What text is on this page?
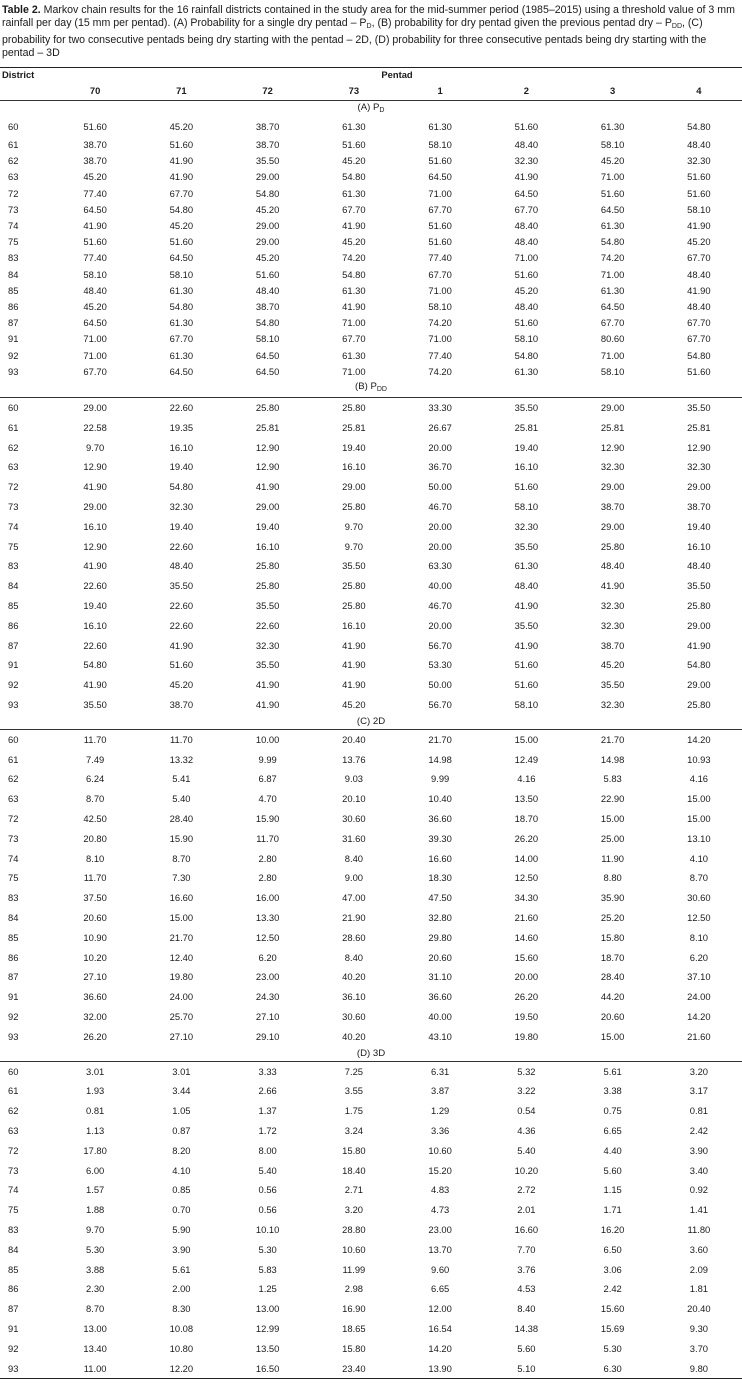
Table 2. Markov chain results for the 16 rainfall districts contained in the study area for the mid-summer period (1985–2015) using a threshold value of 3 mm rainfall per day (15 mm per pentad). (A) Probability for a single dry pentad – $P_D$, (B) probability for dry pentad given the previous pentad dry – $P_{DD}$, (C) probability for two consecutive pentads being dry starting with the pentad – 2D, (D) probability for three consecutive pentads being dry starting with the pentad – 3D
District	Pentad							
	70	71	72	73	1	2	3	4
(A) $P_D$
60	51.60	45.20	38.70	61.30	61.30	51.60	61.30	54.80
61	38.70	51.60	38.70	51.60	58.10	48.40	58.10	48.40
62	38.70	41.90	35.50	45.20	51.60	32.30	45.20	32.30
63	45.20	41.90	29.00	54.80	64.50	41.90	71.00	51.60
72	77.40	67.70	54.80	61.30	71.00	64.50	51.60	51.60
73	64.50	54.80	45.20	67.70	67.70	67.70	64.50	58.10
74	41.90	45.20	29.00	41.90	51.60	48.40	61.30	41.90
75	51.60	51.60	29.00	45.20	51.60	48.40	54.80	45.20
83	77.40	64.50	45.20	74.20	77.40	71.00	74.20	67.70
84	58.10	58.10	51.60	54.80	67.70	51.60	71.00	48.40
85	48.40	61.30	48.40	61.30	71.00	45.20	61.30	41.90
86	45.20	54.80	38.70	41.90	58.10	48.40	64.50	48.40
87	64.50	61.30	54.80	71.00	74.20	51.60	67.70	67.70
91	71.00	67.70	58.10	67.70	71.00	58.10	80.60	67.70
92	71.00	61.30	64.50	61.30	77.40	54.80	71.00	54.80
93	67.70	64.50	64.50	71.00	74.20	61.30	58.10	51.60
(B) $P_{DD}$
60	29.00	22.60	25.80	25.80	33.30	35.50	29.00	35.50
61	22.58	19.35	25.81	25.81	26.67	25.81	25.81	25.81
62	9.70	16.10	12.90	19.40	20.00	19.40	12.90	12.90
63	12.90	19.40	12.90	16.10	36.70	16.10	32.30	32.30
72	41.90	54.80	41.90	29.00	50.00	51.60	29.00	29.00
73	29.00	32.30	29.00	25.80	46.70	58.10	38.70	38.70
74	16.10	19.40	19.40	9.70	20.00	32.30	29.00	19.40
75	12.90	22.60	16.10	9.70	20.00	35.50	25.80	16.10
83	41.90	48.40	25.80	35.50	63.30	61.30	48.40	48.40
84	22.60	35.50	25.80	25.80	40.00	48.40	41.90	35.50
85	19.40	22.60	35.50	25.80	46.70	41.90	32.30	25.80
86	16.10	22.60	22.60	16.10	20.00	35.50	32.30	29.00
87	22.60	41.90	32.30	41.90	56.70	41.90	38.70	41.90
91	54.80	51.60	35.50	41.90	53.30	51.60	45.20	54.80
92	41.90	45.20	41.90	41.90	50.00	51.60	35.50	29.00
93	35.50	38.70	41.90	45.20	56.70	58.10	32.30	25.80
(C) 2D								
60	11.70	11.70	10.00	20.40	21.70	15.00	21.70	14.20
61	7.49	13.32	9.99	13.76	14.98	12.49	14.98	10.93
62	6.24	5.41	6.87	9.03	9.99	4.16	5.83	4.16
63	8.70	5.40	4.70	20.10	10.40	13.50	22.90	15.00
72	42.50	28.40	15.90	30.60	36.60	18.70	15.00	15.00
73	20.80	15.90	11.70	31.60	39.30	26.20	25.00	13.10
74	8.10	8.70	2.80	8.40	16.60	14.00	11.90	4.10
75	11.70	7.30	2.80	9.00	18.30	12.50	8.80	8.70
83	37.50	16.60	16.00	47.00	47.50	34.30	35.90	30.60
84	20.60	15.00	13.30	21.90	32.80	21.60	25.20	12.50
85	10.90	21.70	12.50	28.60	29.80	14.60	15.80	8.10
86	10.20	12.40	6.20	8.40	20.60	15.60	18.70	6.20
87	27.10	19.80	23.00	40.20	31.10	20.00	28.40	37.10
91	36.60	24.00	24.30	36.10	36.60	26.20	44.20	24.00
92	32.00	25.70	27.10	30.60	40.00	19.50	20.60	14.20
93	26.20	27.10	29.10	40.20	43.10	19.80	15.00	21.60
(D) 3D								
60	3.01	3.01	3.33	7.25	6.31	5.32	5.61	3.20
61	1.93	3.44	2.66	3.55	3.87	3.22	3.38	3.17
62	0.81	1.05	1.37	1.75	1.29	0.54	0.75	0.81
63	1.13	0.87	1.72	3.24	3.36	4.36	6.65	2.42
72	17.80	8.20	8.00	15.80	10.60	5.40	4.40	3.90
73	6.00	4.10	5.40	18.40	15.20	10.20	5.60	3.40
74	1.57	0.85	0.56	2.71	4.83	2.72	1.15	0.92
75	1.88	0.70	0.56	3.20	4.73	2.01	1.71	1.41
83	9.70	5.90	10.10	28.80	23.00	16.60	16.20	11.80
84	5.30	3.90	5.30	10.60	13.70	7.70	6.50	3.60
85	3.88	5.61	5.83	11.99	9.60	3.76	3.06	2.09
86	2.30	2.00	1.25	2.98	6.65	4.53	2.42	1.81
87	8.70	8.30	13.00	16.90	12.00	8.40	15.60	20.40
91	13.00	10.08	12.99	18.65	16.54	14.38	15.69	9.30
92	13.40	10.80	13.50	15.80	14.20	5.60	5.30	3.70
93	11.00	12.20	16.50	23.40	13.90	5.10	6.30	9.80
